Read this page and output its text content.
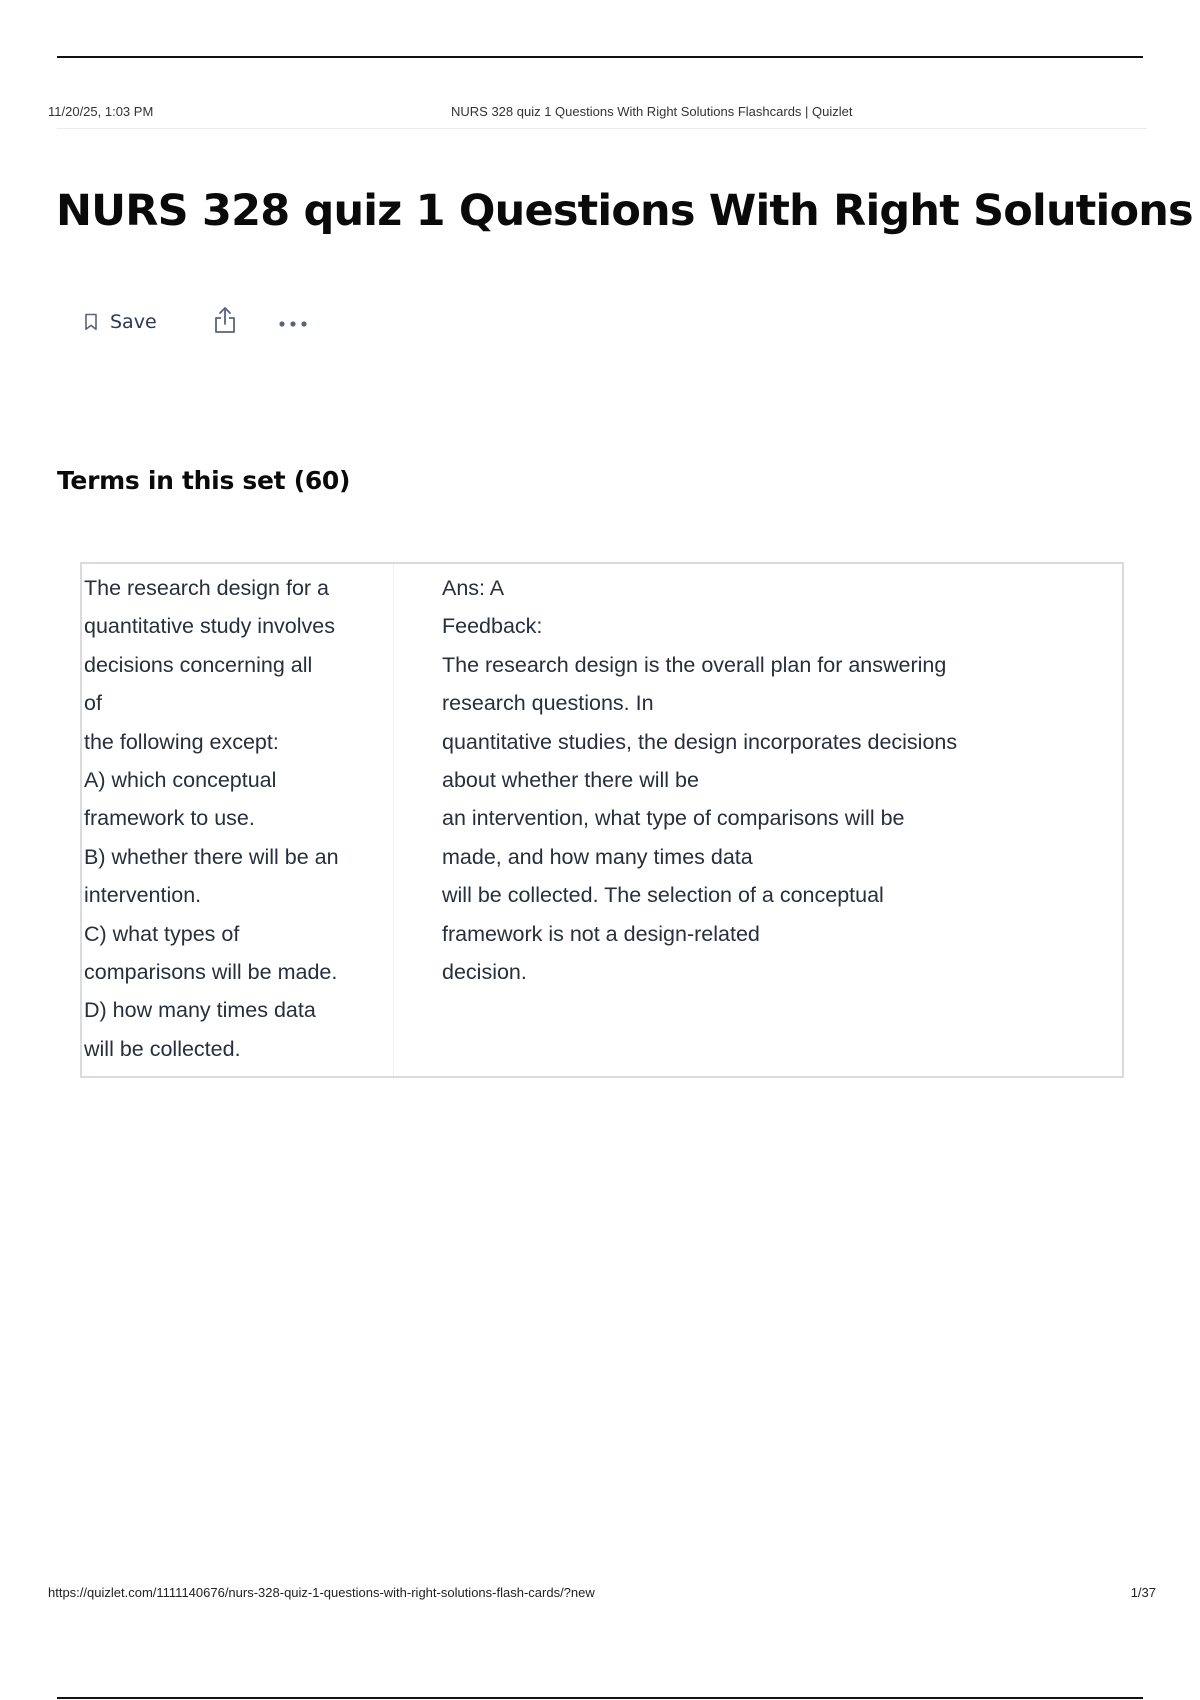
11/20/25, 1:03 PM	NURS 328 quiz 1 Questions With Right Solutions Flashcards | Quizlet
NURS 328 quiz 1 Questions With Right Solutions
Save
Terms in this set (60)
The research design for a
quantitative study involves
decisions concerning all
of
the following except:
A) which conceptual
framework to use.
B) whether there will be an
intervention.
C) what types of
comparisons will be made.
D) how many times data
will be collected.
Ans: A
Feedback:
The research design is the overall plan for answering
research questions. In
quantitative studies, the design incorporates decisions
about whether there will be
an intervention, what type of comparisons will be
made, and how many times data
will be collected. The selection of a conceptual
framework is not a design-related
decision.
https://quizlet.com/1111140676/nurs-328-quiz-1-questions-with-right-solutions-flash-cards/?new	1/37
